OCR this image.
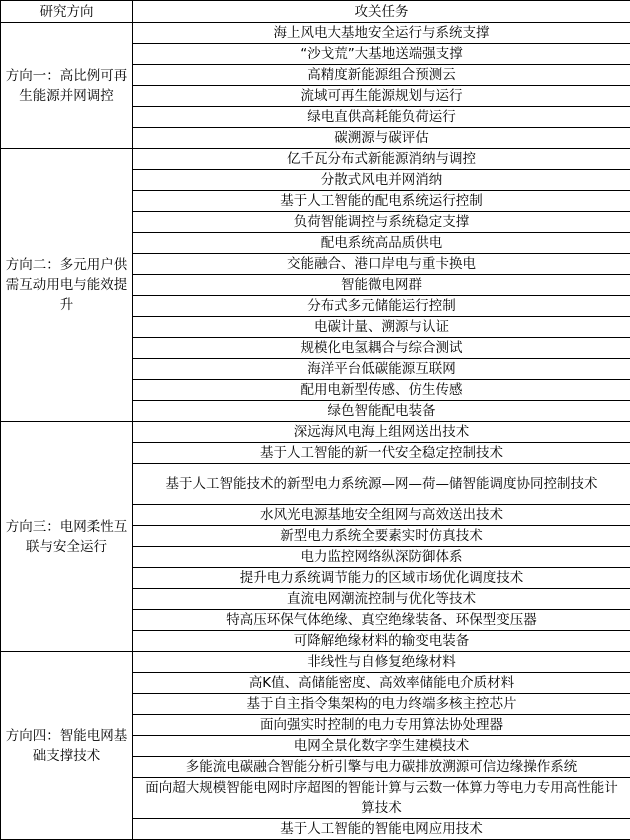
研究方向	攻关任务
方向一：高比例可再生能源并网调控	海上风电大基地安全运行与系统支撑
	“沙戈荒”大基地送端强支撑
	高精度新能源组合预测云
	流域可再生能源规划与运行
	绿电直供高耗能负荷运行
	碳溯源与碳评估
方向二：多元用户供需互动用电与能效提升	亿千瓦分布式新能源消纳与调控
	分散式风电并网消纳
	基于人工智能的配电系统运行控制
	负荷智能调控与系统稳定支撑
	配电系统高品质供电
	交能融合、港口岸电与重卡换电
	智能微电网群
	分布式多元储能运行控制
	电碳计量、溯源与认证
	规模化电氢耦合与综合测试
	海洋平台低碳能源互联网
	配用电新型传感、仿生传感
	绿色智能配电装备
方向三：电网柔性互联与安全运行	深远海风电海上组网送出技术
	基于人工智能的新一代安全稳定控制技术
	基于人工智能技术的新型电力系统源—网—荷—储智能调度协同控制技术
	水风光电源基地安全组网与高效送出技术
	新型电力系统全要素实时仿真技术
	电力监控网络纵深防御体系
	提升电力系统调节能力的区域市场优化调度技术
	直流电网潮流控制与优化等技术
	特高压环保气体绝缘、真空绝缘装备、环保型变压器
	可降解绝缘材料的输变电装备
方向四：智能电网基础支撑技术	非线性与自修复绝缘材料
	高K值、高储能密度、高效率储能电介质材料
	基于自主指令集架构的电力终端多核主控芯片
	面向强实时控制的电力专用算法协处理器
	电网全景化数字孪生建模技术
	多能流电碳融合智能分析引擎与电力碳排放溯源可信边缘操作系统
	面向超大规模智能电网时序超图的智能计算与云数一体算力等电力专用高性能计算技术
	基于人工智能的智能电网应用技术
